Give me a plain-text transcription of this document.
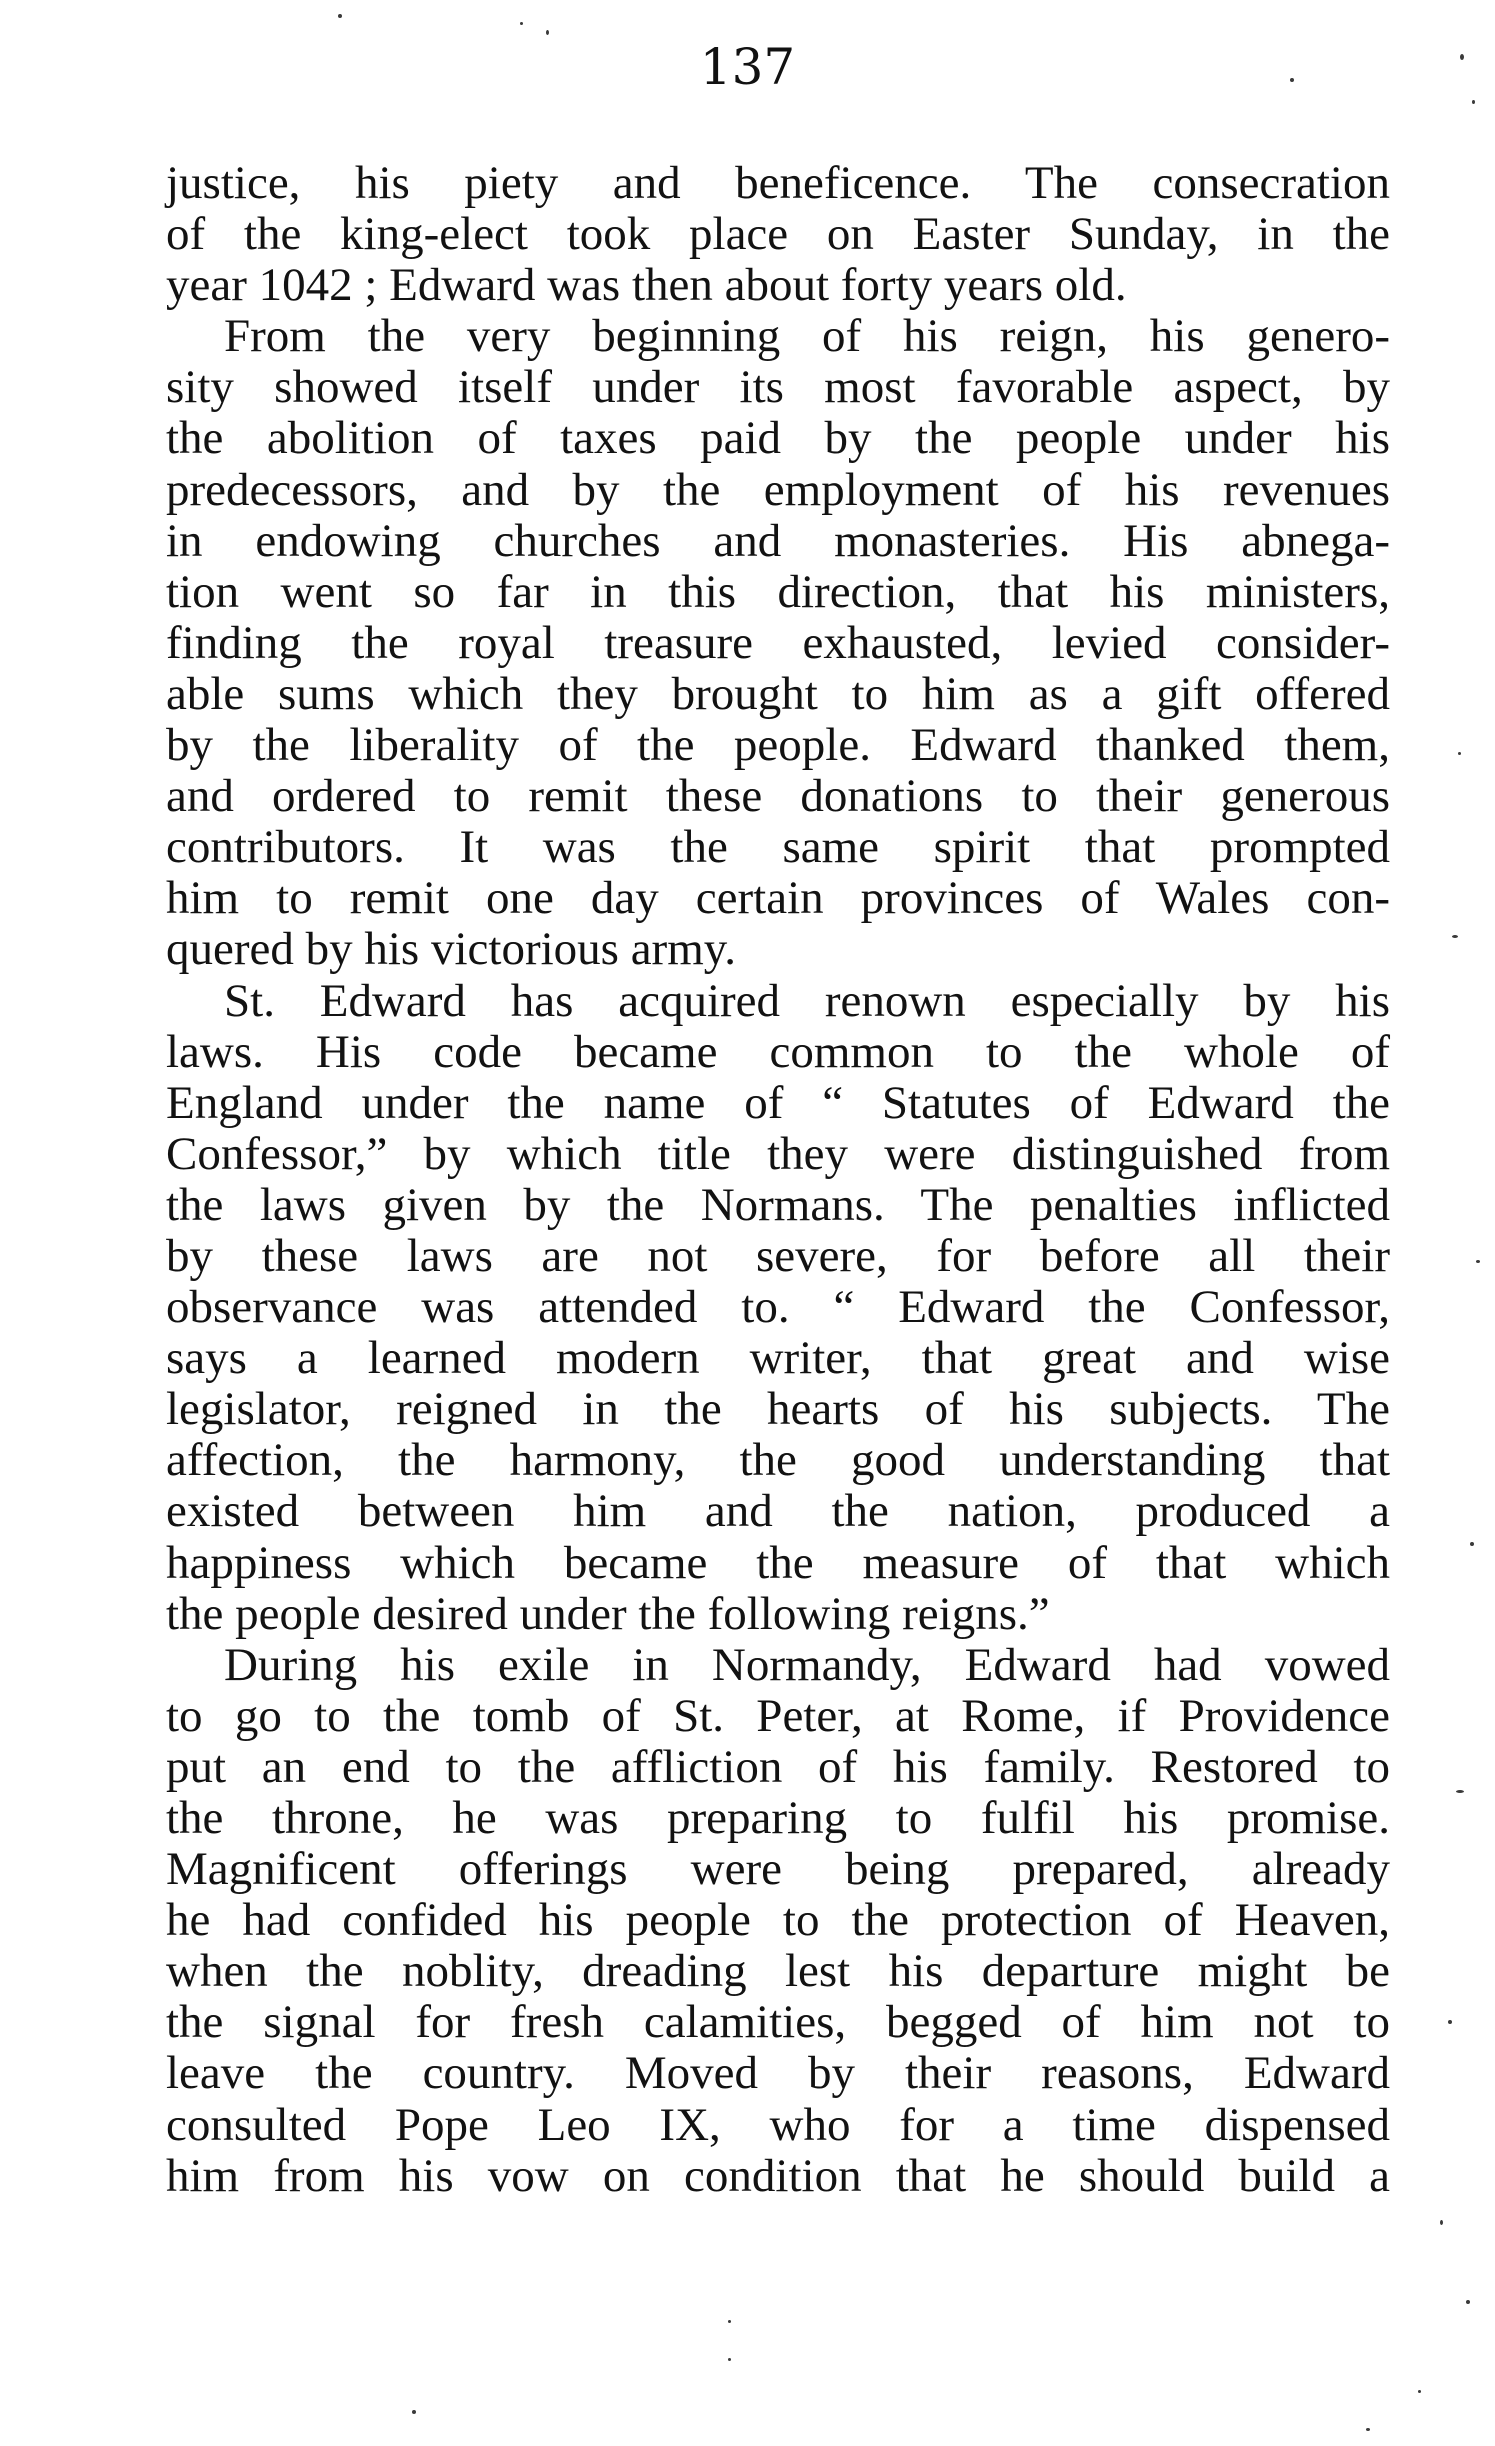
137
justice, his piety and beneficence. The consecration
of the king-elect took place on Easter Sunday, in the
year 1042 ; Edward was then about forty years old.
From the very beginning of his reign, his genero-
sity showed itself under its most favorable aspect, by
the abolition of taxes paid by the people under his
predecessors, and by the employment of his revenues
in endowing churches and monasteries. His abnega-
tion went so far in this direction, that his ministers,
finding the royal treasure exhausted, levied consider-
able sums which they brought to him as a gift offered
by the liberality of the people. Edward thanked them,
and ordered to remit these donations to their generous
contributors. It was the same spirit that prompted
him to remit one day certain provinces of Wales con-
quered by his victorious army.
St. Edward has acquired renown especially by his
laws. His code became common to the whole of
England under the name of “ Statutes of Edward the
Confessor,” by which title they were distinguished from
the laws given by the Normans. The penalties inflicted
by these laws are not severe, for before all their
observance was attended to. “ Edward the Confessor,
says a learned modern writer, that great and wise
legislator, reigned in the hearts of his subjects. The
affection, the harmony, the good understanding that
existed between him and the nation, produced a
happiness which became the measure of that which
the people desired under the following reigns.”
During his exile in Normandy, Edward had vowed
to go to the tomb of St. Peter, at Rome, if Providence
put an end to the affliction of his family. Restored to
the throne, he was preparing to fulfil his promise.
Magnificent offerings were being prepared, already
he had confided his people to the protection of Heaven,
when the noblity, dreading lest his departure might be
the signal for fresh calamities, begged of him not to
leave the country. Moved by their reasons, Edward
consulted Pope Leo IX, who for a time dispensed
him from his vow on condition that he should build a
